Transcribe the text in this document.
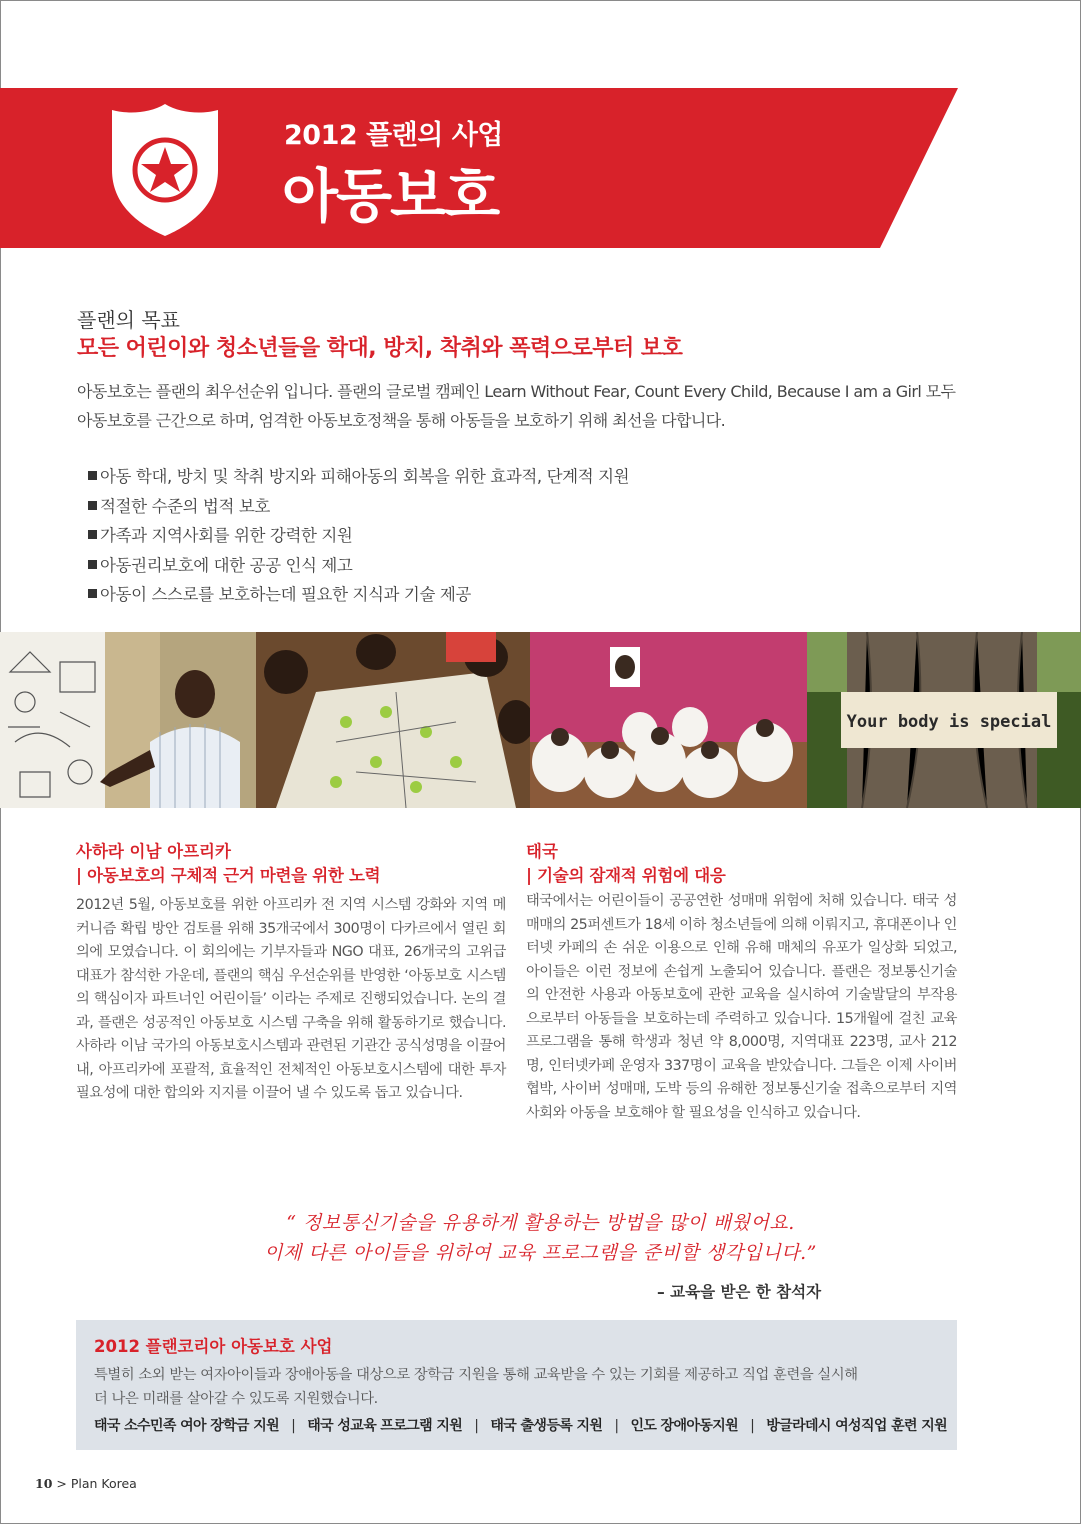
2012 플랜의 사업
아동보호
플랜의 목표
모든 어린이와 청소년들을 학대, 방치, 착취와 폭력으로부터 보호
아동보호는 플랜의 최우선순위 입니다. 플랜의 글로벌 캠페인 Learn Without Fear, Count Every Child, Because I am a Girl 모두
아동보호를 근간으로 하며, 엄격한 아동보호정책을 통해 아동들을 보호하기 위해 최선을 다합니다.
아동 학대, 방치 및 착취 방지와 피해아동의 회복을 위한 효과적, 단계적 지원
적절한 수준의 법적 보호
가족과 지역사회를 위한 강력한 지원
아동권리보호에 대한 공공 인식 제고
아동이 스스로를 보호하는데 필요한 지식과 기술 제공
Your body is special
사하라 이남 아프리카
| 아동보호의 구체적 근거 마련을 위한 노력
2012년 5월, 아동보호를 위한 아프리카 전 지역 시스템 강화와 지역 메커니즘 확립 방안 검토를 위해 35개국에서 300명이 다카르에서 열린 회의에 모였습니다. 이 회의에는 기부자들과 NGO 대표, 26개국의 고위급 대표가 참석한 가운데, 플랜의 핵심 우선순위를 반영한 ‘아동보호 시스템의 핵심이자 파트너인 어린이들’ 이라는 주제로 진행되었습니다. 논의 결과, 플랜은 성공적인 아동보호 시스템 구축을 위해 활동하기로 했습니다. 사하라 이남 국가의 아동보호시스템과 관련된 기관간 공식성명을 이끌어 내, 아프리카에 포괄적, 효율적인 전체적인 아동보호시스템에 대한 투자 필요성에 대한 합의와 지지를 이끌어 낼 수 있도록 돕고 있습니다.
태국
| 기술의 잠재적 위험에 대응
태국에서는 어린이들이 공공연한 성매매 위험에 처해 있습니다. 태국 성매매의 25퍼센트가 18세 이하 청소년들에 의해 이뤄지고, 휴대폰이나 인터넷 카페의 손 쉬운 이용으로 인해 유해 매체의 유포가 일상화 되었고, 아이들은 이런 정보에 손쉽게 노출되어 있습니다. 플랜은 정보통신기술의 안전한 사용과 아동보호에 관한 교육을 실시하여 기술발달의 부작용으로부터 아동들을 보호하는데 주력하고 있습니다. 15개월에 걸친 교육 프로그램을 통해 학생과 청년 약 8,000명, 지역대표 223명, 교사 212명, 인터넷카페 운영자 337명이 교육을 받았습니다. 그들은 이제 사이버 협박, 사이버 성매매, 도박 등의 유해한 정보통신기술 접촉으로부터 지역사회와 아동을 보호해야 할 필요성을 인식하고 있습니다.
“ 정보통신기술을 유용하게 활용하는 방법을 많이 배웠어요.
이제 다른 아이들을 위하여 교육 프로그램을 준비할 생각입니다.”
– 교육을 받은 한 참석자
2012 플랜코리아 아동보호 사업
특별히 소외 받는 여자아이들과 장애아동을 대상으로 장학금 지원을 통해 교육받을 수 있는 기회를 제공하고 직업 훈련을 실시해
더 나은 미래를 살아갈 수 있도록 지원했습니다.
태국 소수민족 여아 장학금 지원 | 태국 성교육 프로그램 지원 | 태국 출생등록 지원 | 인도 장애아동지원 | 방글라데시 여성직업 훈련 지원
10 > Plan Korea
